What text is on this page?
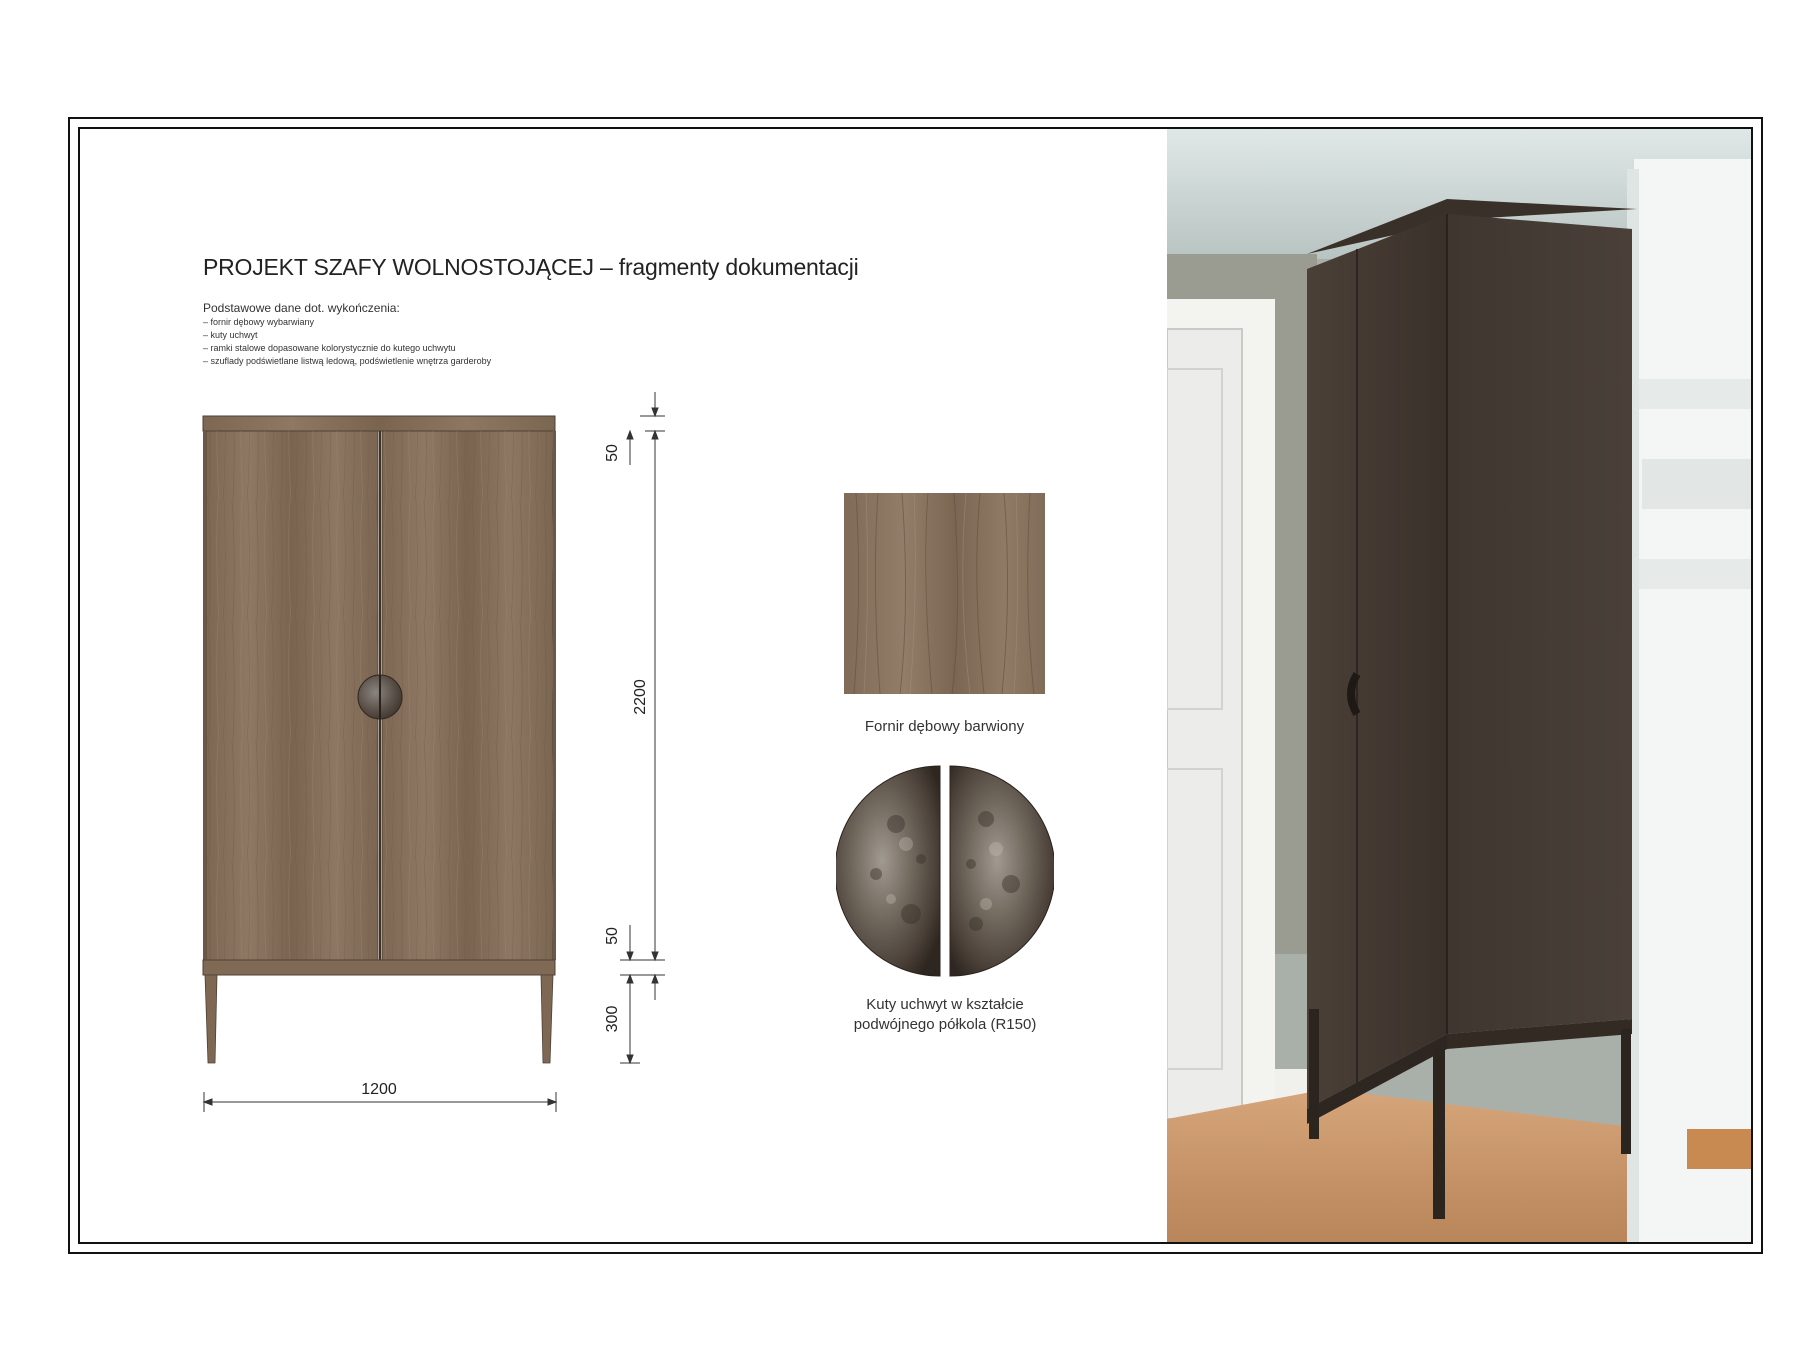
PROJEKT SZAFY WOLNOSTOJĄCEJ – fragmenty dokumentacji
Podstawowe dane dot. wykończenia:
– fornir dębowy wybarwiany
– kuty uchwyt
– ramki stalowe dopasowane kolorystycznie do kutego uchwytu
– szuflady podświetlane listwą ledową, podświetlenie wnętrza garderoby
50
2200
50
300
1200
Fornir dębowy barwiony
Kuty uchwyt w kształcie
podwójnego półkola (R150)
